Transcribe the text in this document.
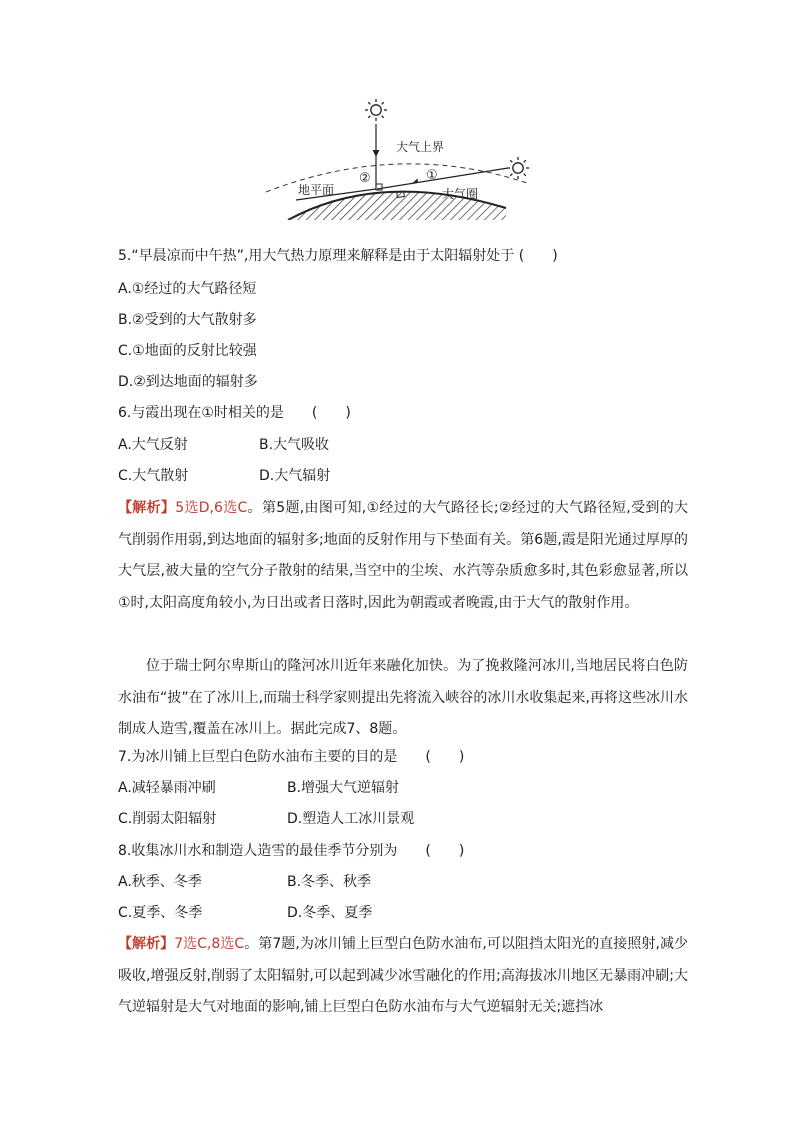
大气上界
地平面	大气圈
②	①
5.“早晨凉而中午热”,用大气热力原理来解释是由于太阳辐射处于 (　　)
A.①经过的大气路径短
B.②受到的大气散射多
C.①地面的反射比较强
D.②到达地面的辐射多
6.与霞出现在①时相关的是　　(　　)
A.大气反射	B.大气吸收
C.大气散射	D.大气辐射
【解析】5选D,6选C。第5题,由图可知,①经过的大气路径长;②经过的大气路径短,受到的大气削弱作用弱,到达地面的辐射多;地面的反射作用与下垫面有关。第6题,霞是阳光通过厚厚的大气层,被大量的空气分子散射的结果,当空中的尘埃、水汽等杂质愈多时,其色彩愈显著,所以①时,太阳高度角较小,为日出或者日落时,因此为朝霞或者晚霞,由于大气的散射作用。
位于瑞士阿尔卑斯山的隆河冰川近年来融化加快。为了挽救隆河冰川,当地居民将白色防水油布“披”在了冰川上,而瑞士科学家则提出先将流入峡谷的冰川水收集起来,再将这些冰川水制成人造雪,覆盖在冰川上。据此完成7、8题。
7.为冰川铺上巨型白色防水油布主要的目的是　　(　　)
A.减轻暴雨冲刷	B.增强大气逆辐射
C.削弱太阳辐射	D.塑造人工冰川景观
8.收集冰川水和制造人造雪的最佳季节分别为　　(　　)
A.秋季、冬季	B.冬季、秋季
C.夏季、冬季	D.冬季、夏季
【解析】7选C,8选C。第7题,为冰川铺上巨型白色防水油布,可以阻挡太阳光的直接照射,减少吸收,增强反射,削弱了太阳辐射,可以起到减少冰雪融化的作用;高海拔冰川地区无暴雨冲刷;大气逆辐射是大气对地面的影响,铺上巨型白色防水油布与大气逆辐射无关;遮挡冰
